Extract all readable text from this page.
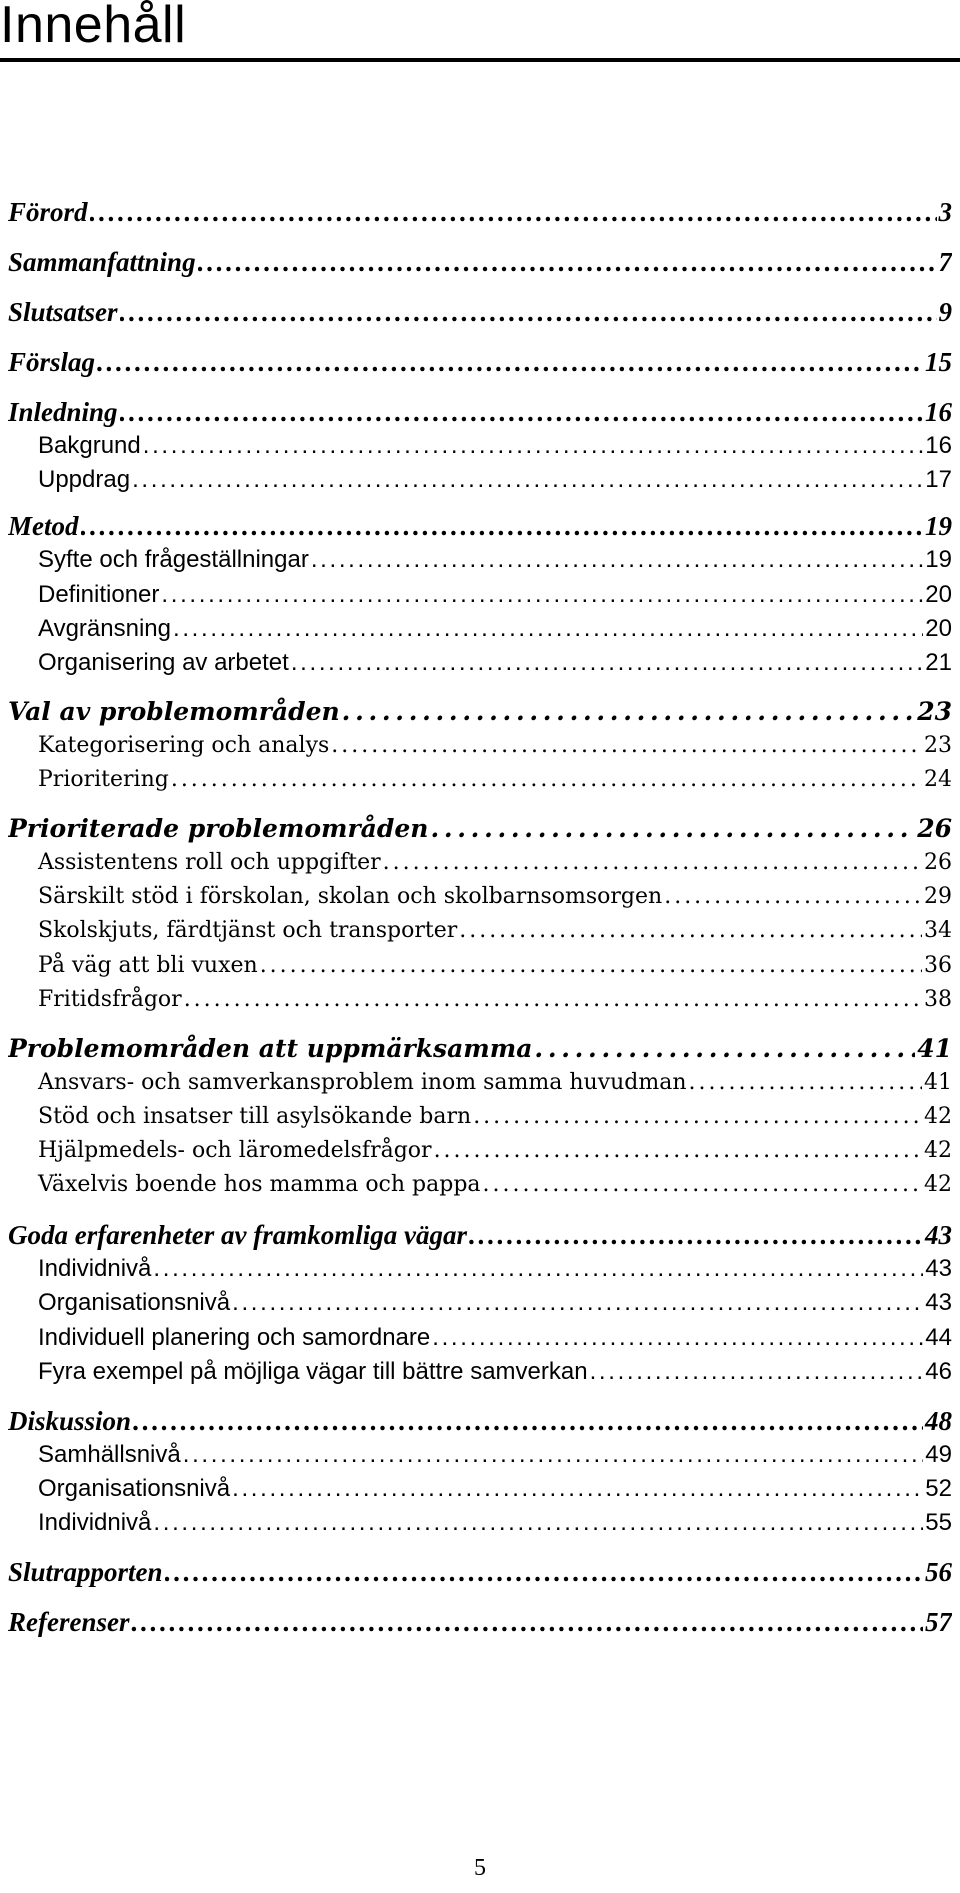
Innehåll
Förord . . .	3
Sammanfattning . . .	7
Slutsatser . . .	9
Förslag . . .	15
Inledning . . .	16
Bakgrund . . .	16
Uppdrag . . .	17
Metod . . .	19
Syfte och frågeställningar . . .	19
Definitioner . . .	20
Avgränsning . . .	20
Organisering av arbetet . . .	21
Val av problemområden . . .	23
Kategorisering och analys . . .	23
Prioritering . . .	24
Prioriterade problemområden . . .	26
Assistentens roll och uppgifter . . .	26
Särskilt stöd i förskolan, skolan och skolbarnsomsorgen . . .	29
Skolskjuts, färdtjänst och transporter . . .	34
På väg att bli vuxen . . .	36
Fritidsfrågor . . .	38
Problemområden att uppmärksamma . . .	41
Ansvars- och samverkansproblem inom samma huvudman . . .	41
Stöd och insatser till asylsökande barn . . .	42
Hjälpmedels- och läromedelsfrågor . . .	42
Växelvis boende hos mamma och pappa . . .	42
Goda erfarenheter av framkomliga vägar . . .	43
Individnivå . . .	43
Organisationsnivå . . .	43
Individuell planering och samordnare . . .	44
Fyra exempel på möjliga vägar till bättre samverkan . . .	46
Diskussion . . .	48
Samhällsnivå . . .	49
Organisationsnivå . . .	52
Individnivå . . .	55
Slutrapporten . . .	56
Referenser . . .	57
5
